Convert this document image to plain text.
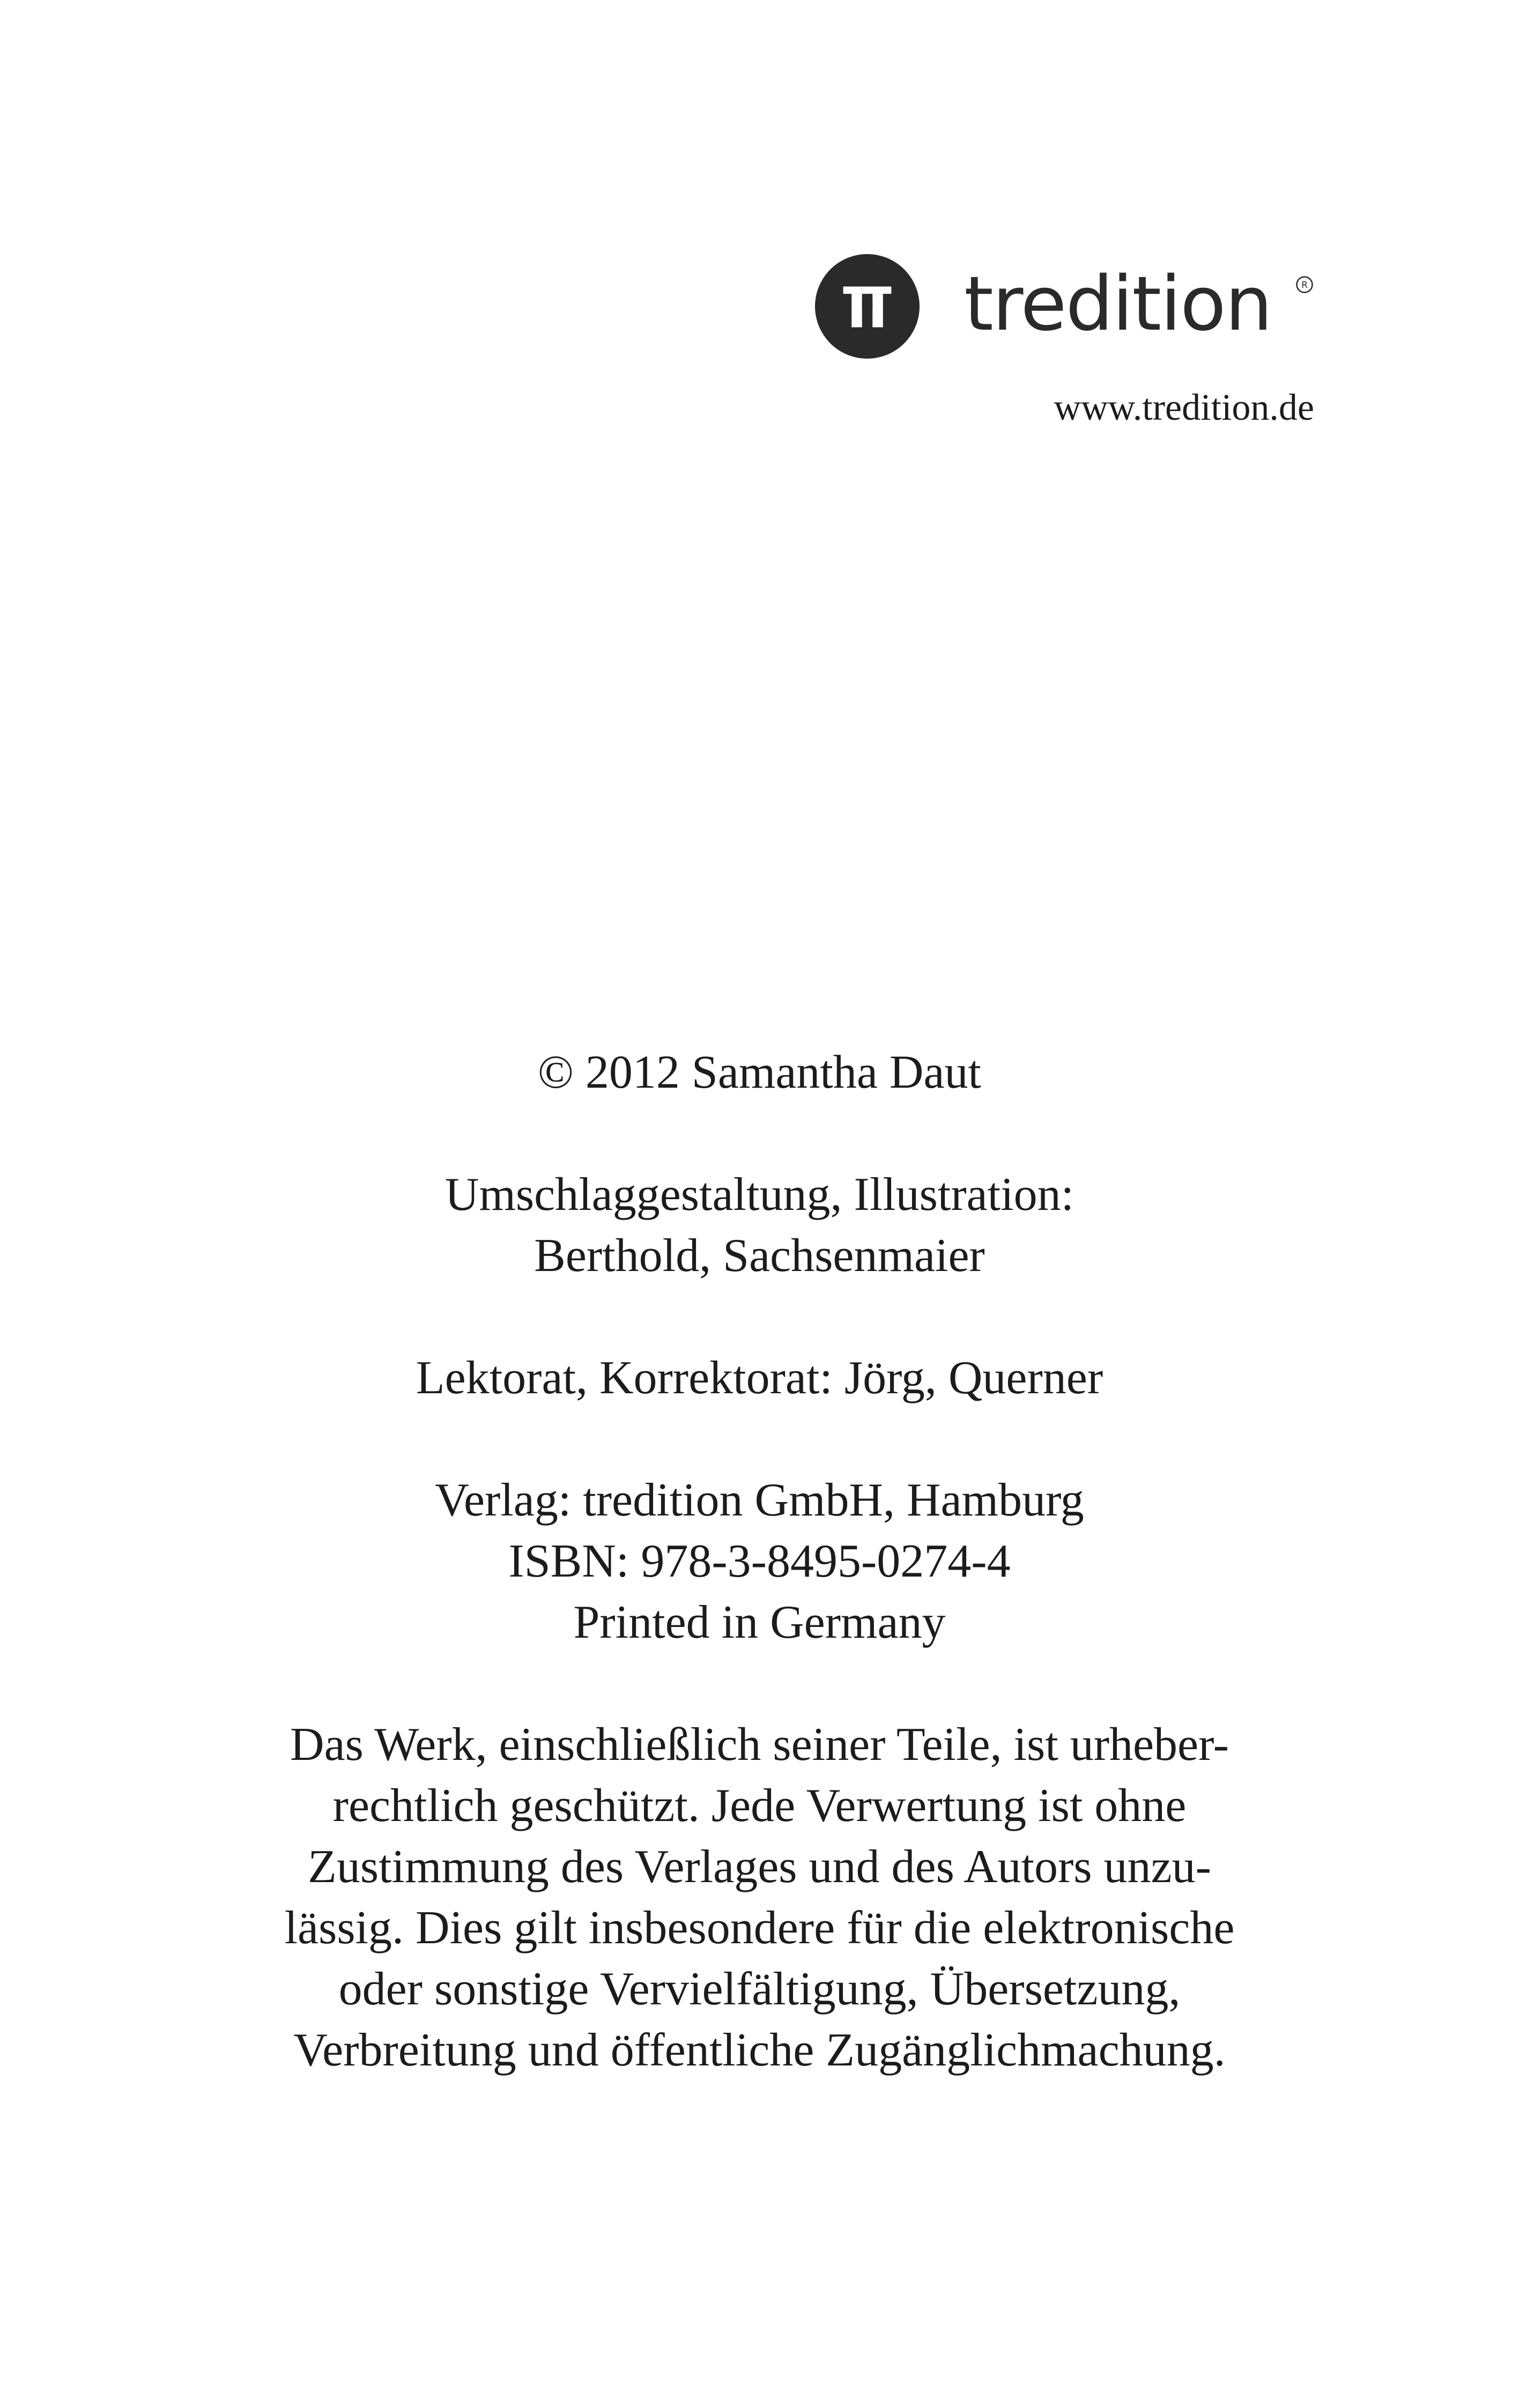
tredition	R
www.tredition.de

© 2012 Samantha Daut

Umschlaggestaltung, Illustration:

Berthold, Sachsenmaier

Lektorat, Korrektorat: Jörg, Querner

Verlag: tredition GmbH, Hamburg

ISBN: 978-3-8495-0274-4

Printed in Germany

Das Werk, einschließlich seiner Teile, ist urheber-

rechtlich geschützt. Jede Verwertung ist ohne

Zustimmung des Verlages und des Autors unzu-

lässig. Dies gilt insbesondere für die elektronische

oder sonstige Vervielfältigung, Übersetzung,

Verbreitung und öffentliche Zugänglichmachung.
